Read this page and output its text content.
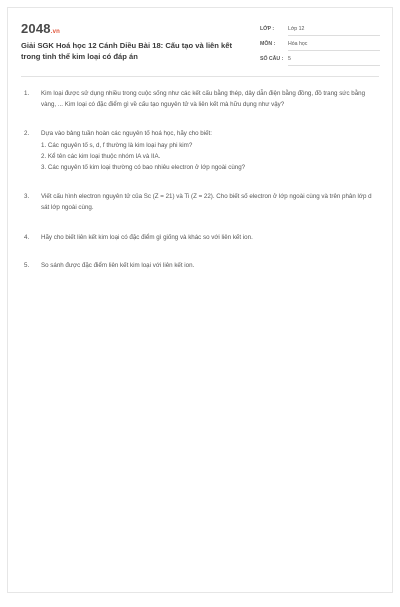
2048.vn
Giải SGK Hoá học 12 Cánh Diều Bài 18: Cấu tạo và liên kết trong tinh thể kim loại có đáp án
LỚP :	Lớp 12
MÔN : Hóa học
SỐ CÂU : 5
1. Kim loại được sử dụng nhiều trong cuộc sống như các kết cấu bằng thép, dây dẫn điện bằng đồng, đồ trang sức bằng vàng, ... Kim loại có đặc điểm gì về cấu tạo nguyên tử và liên kết mà hữu dụng như vậy?
2. Dựa vào bảng tuần hoàn các nguyên tố hoá học, hãy cho biết:
1. Các nguyên tố s, d, f thường là kim loại hay phi kim?
2. Kể tên các kim loại thuộc nhóm IA và IIA.
3. Các nguyên tố kim loại thường có bao nhiêu electron ở lớp ngoài cùng?
3. Viết cấu hình electron nguyên tử của Sc (Z = 21) và Ti (Z = 22). Cho biết số electron ở lớp ngoài cùng và trên phân lớp d sát lớp ngoài cùng.
4. Hãy cho biết liên kết kim loại có đặc điểm gì giống và khác so với liên kết ion.
5. So sánh được đặc điểm liên kết kim loại với liên kết ion.
